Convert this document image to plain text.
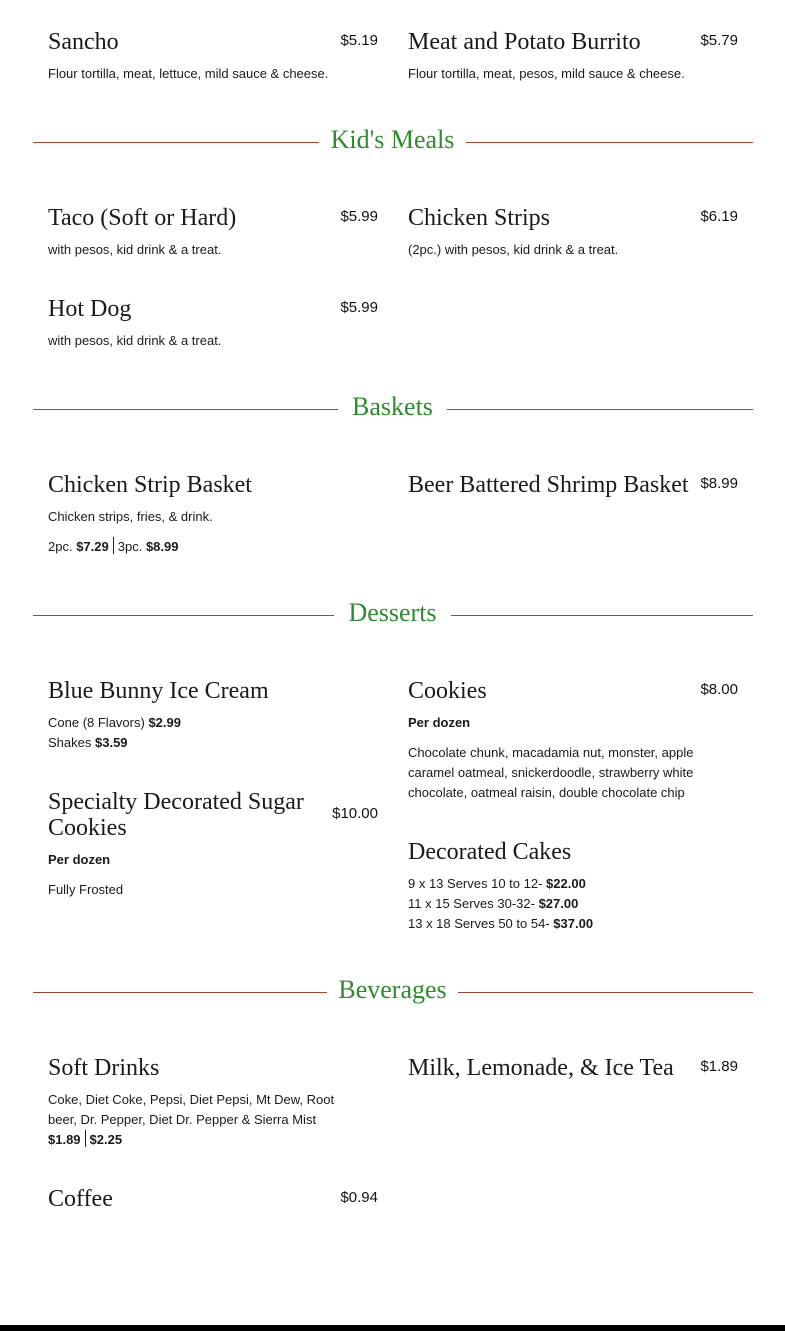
Sancho	$5.19
Flour tortilla, meat, lettuce, mild sauce & cheese.
Meat and Potato Burrito	$5.79
Flour tortilla, meat, pesos, mild sauce & cheese.
Kid's Meals
Taco (Soft or Hard)	$5.99
with pesos, kid drink & a treat.
Chicken Strips	$6.19
(2pc.) with pesos, kid drink & a treat.
Hot Dog	$5.99
with pesos, kid drink & a treat.
Baskets
Chicken Strip Basket
Chicken strips, fries, & drink.
2pc. $7.29 3pc. $8.99
Beer Battered Shrimp Basket $8.99
Desserts
Blue Bunny Ice Cream
Cone (8 Flavors) $2.99
Shakes $3.59
Cookies	$8.00
Per dozen
Chocolate chunk, macadamia nut, monster, apple caramel oatmeal, snickerdoodle, strawberry white chocolate, oatmeal raisin, double chocolate chip
Specialty Decorated Sugar
Cookies
$10.00
Per dozen
Fully Frosted
Decorated Cakes
9 x 13 Serves 10 to 12- $22.00
11 x 15 Serves 30-32- $27.00
13 x 18 Serves 50 to 54- $37.00
Beverages
Soft Drinks
Coke, Diet Coke, Pepsi, Diet Pepsi, Mt Dew, Root
beer, Dr. Pepper, Diet Dr. Pepper & Sierra Mist
$1.89 $2.25
Milk, Lemonade, & Ice Tea $1.89
Coffee	$0.94
